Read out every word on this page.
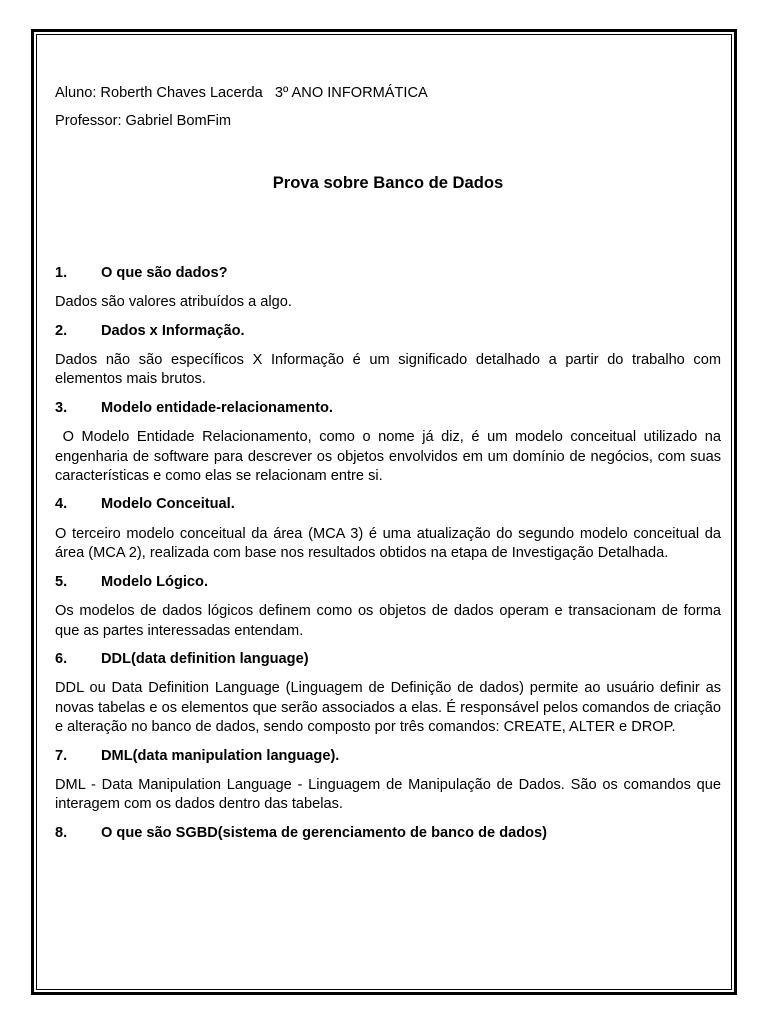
Aluno: Roberth Chaves Lacerda   3º ANO INFORMÁTICA

Professor: Gabriel BomFim

Prova sobre Banco de Dados

1.	O que são dados?

Dados são valores atribuídos a algo.

2.	Dados x Informação.

Dados não são específicos X Informação é um significado detalhado a partir do trabalho com elementos mais brutos.

3.	Modelo entidade-relacionamento.

O Modelo Entidade Relacionamento, como o nome já diz, é um modelo conceitual utilizado na engenharia de software para descrever os objetos envolvidos em um domínio de negócios, com suas características e como elas se relacionam entre si.

4.	Modelo Conceitual.

O terceiro modelo conceitual da área (MCA 3) é uma atualização do segundo modelo conceitual da área (MCA 2), realizada com base nos resultados obtidos na etapa de Investigação Detalhada.

5.	Modelo Lógico.

Os modelos de dados lógicos definem como os objetos de dados operam e transacionam de forma que as partes interessadas entendam.

6.	DDL(data definition language)

DDL ou Data Definition Language (Linguagem de Definição de dados) permite ao usuário definir as novas tabelas e os elementos que serão associados a elas. É responsável pelos comandos de criação e alteração no banco de dados, sendo composto por três comandos: CREATE, ALTER e DROP.

7.	DML(data manipulation language).

DML - Data Manipulation Language - Linguagem de Manipulação de Dados. São os comandos que interagem com os dados dentro das tabelas.

8.	O que são SGBD(sistema de gerenciamento de banco de dados)
